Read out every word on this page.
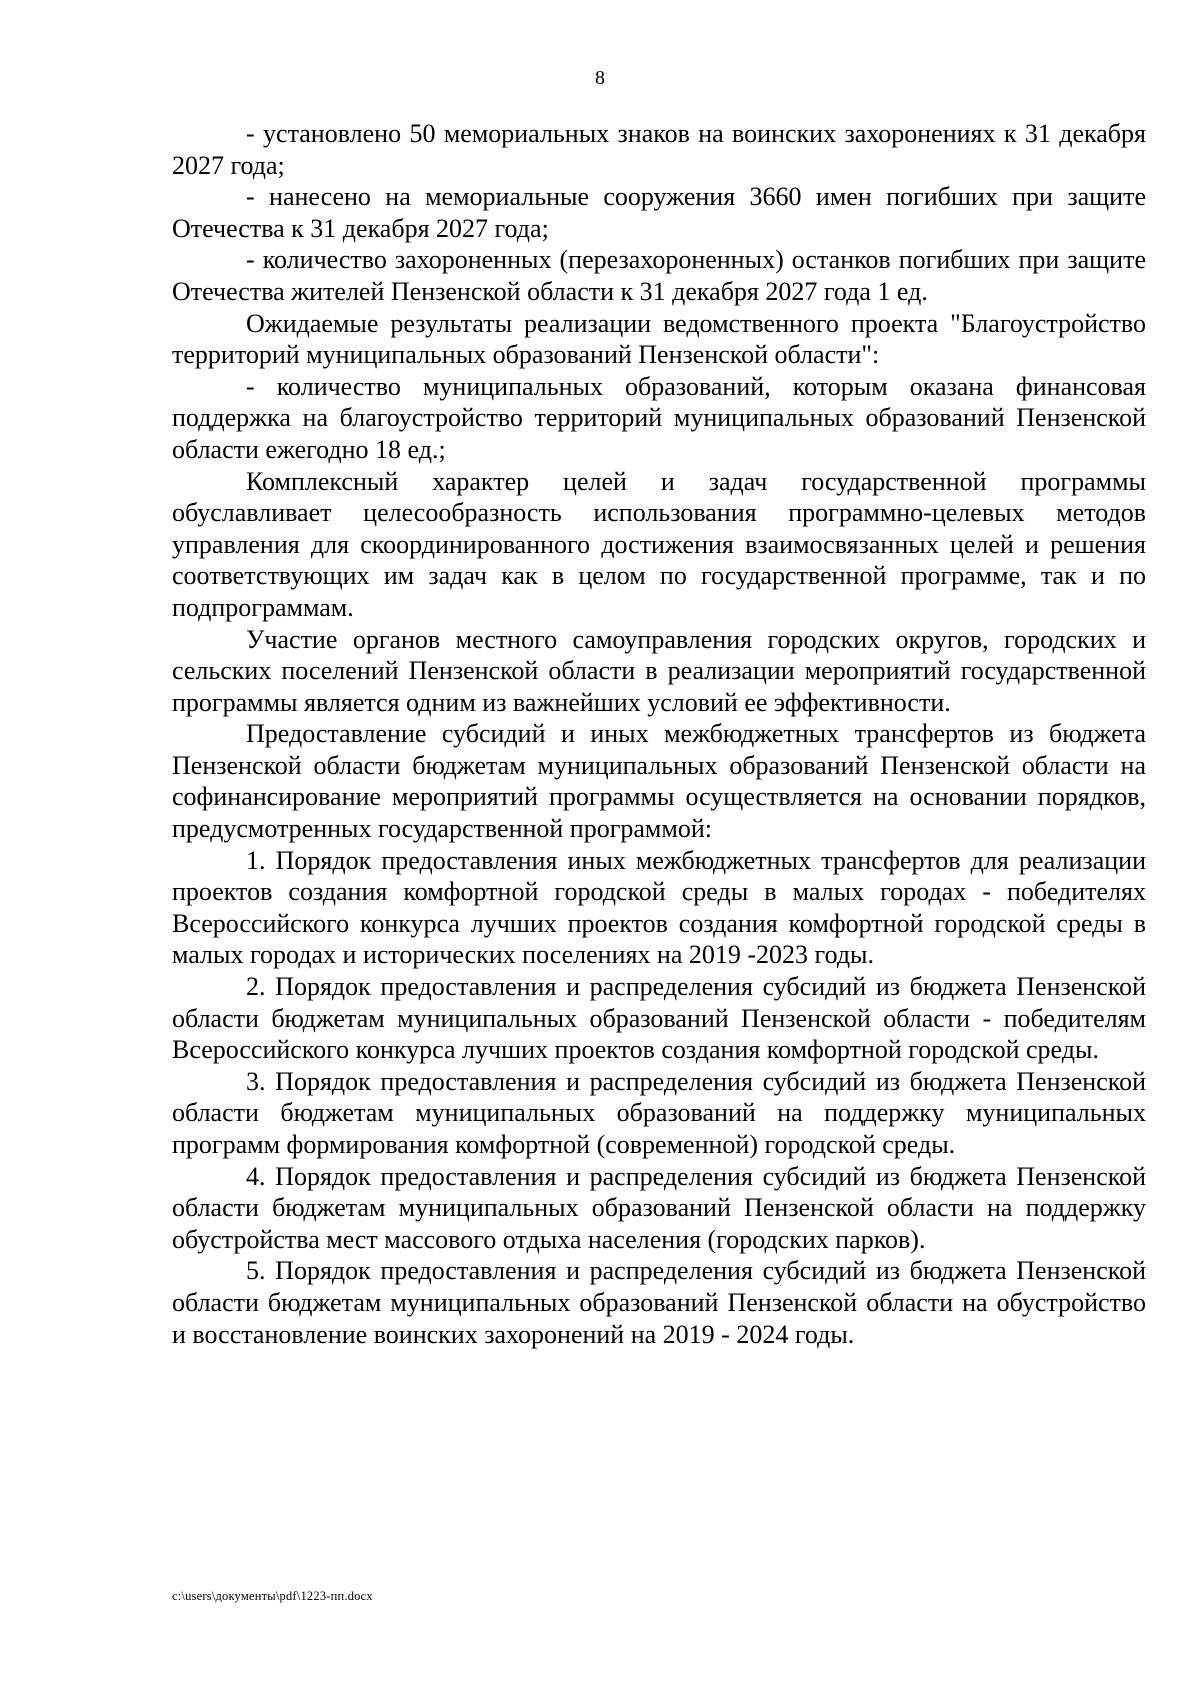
8

- установлено 50 мемориальных знаков на воинских захоронениях к 31 декабря 2027 года;

- нанесено на мемориальные сооружения 3660 имен погибших при защите Отечества к 31 декабря 2027 года;

- количество захороненных (перезахороненных) останков погибших при защите Отечества жителей Пензенской области к 31 декабря 2027 года 1 ед.

Ожидаемые результаты реализации ведомственного проекта "Благоустройство территорий муниципальных образований Пензенской области":

- количество муниципальных образований, которым оказана финансовая поддержка на благоустройство территорий муниципальных образований Пензенской области ежегодно 18 ед.;

Комплексный характер целей и задач государственной программы обуславливает целесообразность использования программно-целевых методов управления для скоординированного достижения взаимосвязанных целей и решения соответствующих им задач как в целом по государственной программе, так и по подпрограммам.

Участие органов местного самоуправления городских округов, городских и сельских поселений Пензенской области в реализации мероприятий государственной программы является одним из важнейших условий ее эффективности.

Предоставление субсидий и иных межбюджетных трансфертов из бюджета Пензенской области бюджетам муниципальных образований Пензенской области на софинансирование мероприятий программы осуществляется на основании порядков, предусмотренных государственной программой:

1. Порядок предоставления иных межбюджетных трансфертов для реализации проектов создания комфортной городской среды в малых городах - победителях Всероссийского конкурса лучших проектов создания комфортной городской среды в малых городах и исторических поселениях на 2019 -2023 годы.

2. Порядок предоставления и распределения субсидий из бюджета Пензенской области бюджетам муниципальных образований Пензенской области - победителям Всероссийского конкурса лучших проектов создания комфортной городской среды.

3. Порядок предоставления и распределения субсидий из бюджета Пензенской области бюджетам муниципальных образований на поддержку муниципальных программ формирования комфортной (современной) городской среды.

4. Порядок предоставления и распределения субсидий из бюджета Пензенской области бюджетам муниципальных образований Пензенской области на поддержку обустройства мест массового отдыха населения (городских парков).

5. Порядок предоставления и распределения субсидий из бюджета Пензенской области бюджетам муниципальных образований Пензенской области на обустройство и восстановление воинских захоронений на 2019 - 2024 годы.

c:\users\документы\pdf\1223-пп.docx
